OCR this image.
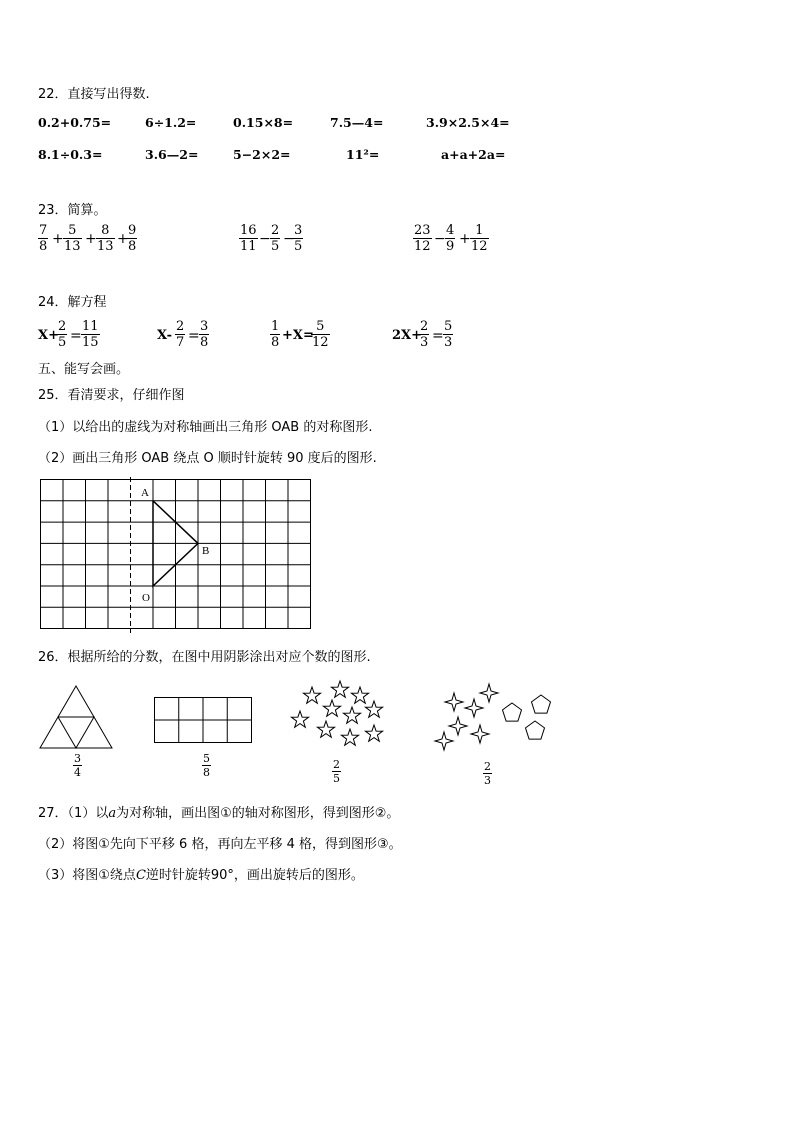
22．直接写出得数.
0.2+0.75=	6÷1.2=	0.15×8=	7.5—4=	3.9×2.5×4=
8.1÷0.3=	3.6—2=	5−2×2=	11²=	a+a+2a=
23．简算。
$\frac{7}{8} + \frac{5}{13} + \frac{8}{13}$ +
$\frac{9}{8}$	$\frac{16}{11} - \frac{2}{5}$ −
$\frac{3}{5}$	$\frac{23}{12} - \frac{4}{9} + \frac{1}{12}$
24．解方程
X+
$\frac{2}{5} = \frac{11}{15}$	$X- \frac{2}{7} = \frac{3}{8}$	$\frac{1}{8} +X=$
$\frac{5}{12}$	2X+
$\frac{2}{3} = \frac{5}{3}$
五、能写会画。
25．看清要求，仔细作图
（1）以给出的虚线为对称轴画出三角形 OAB 的对称图形.
（2）画出三角形 OAB 绕点 O 顺时针旋转 90 度后的图形.
A
B
O
26．根据所给的分数，在图中用阴影涂出对应个数的图形.
$\frac{3}{4}$	$\frac{5}{8}$	$\frac{2}{5}$	$\frac{2}{3}$
27．（1）以a为对称轴，画出图①的轴对称图形，得到图形②。
（2）将图①先向下平移 6 格，再向左平移 4 格，得到图形③。
（3）将图①绕点C逆时针旋转90°，画出旋转后的图形。
